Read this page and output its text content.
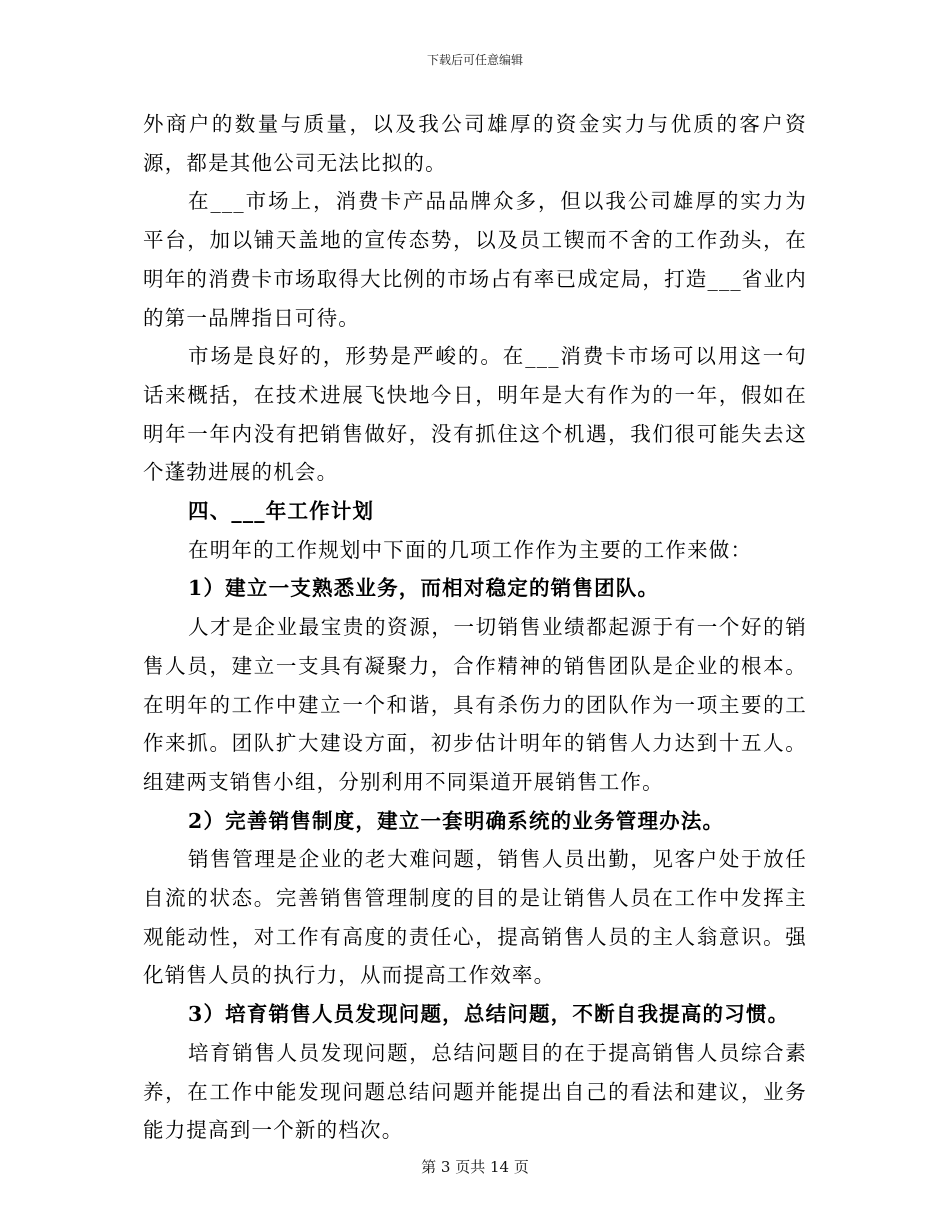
下载后可任意编辑

外商户的数量与质量，以及我公司雄厚的资金实力与优质的客户资源，都是其他公司无法比拟的。

在___市场上，消费卡产品品牌众多，但以我公司雄厚的实力为平台，加以铺天盖地的宣传态势，以及员工锲而不舍的工作劲头，在明年的消费卡市场取得大比例的市场占有率已成定局，打造___省业内的第一品牌指日可待。

市场是良好的，形势是严峻的。在___消费卡市场可以用这一句话来概括，在技术进展飞快地今日，明年是大有作为的一年，假如在明年一年内没有把销售做好，没有抓住这个机遇，我们很可能失去这个蓬勃进展的机会。

四、___年工作计划

在明年的工作规划中下面的几项工作作为主要的工作来做：

1）建立一支熟悉业务，而相对稳定的销售团队。

人才是企业最宝贵的资源，一切销售业绩都起源于有一个好的销售人员，建立一支具有凝聚力，合作精神的销售团队是企业的根本。在明年的工作中建立一个和谐，具有杀伤力的团队作为一项主要的工作来抓。团队扩大建设方面，初步估计明年的销售人力达到十五人。组建两支销售小组，分别利用不同渠道开展销售工作。

2）完善销售制度，建立一套明确系统的业务管理办法。

销售管理是企业的老大难问题，销售人员出勤，见客户处于放任自流的状态。完善销售管理制度的目的是让销售人员在工作中发挥主观能动性，对工作有高度的责任心，提高销售人员的主人翁意识。强化销售人员的执行力，从而提高工作效率。

3）培育销售人员发现问题，总结问题，不断自我提高的习惯。

培育销售人员发现问题，总结问题目的在于提高销售人员综合素养，在工作中能发现问题总结问题并能提出自己的看法和建议，业务能力提高到一个新的档次。

第 3 页共 14 页
